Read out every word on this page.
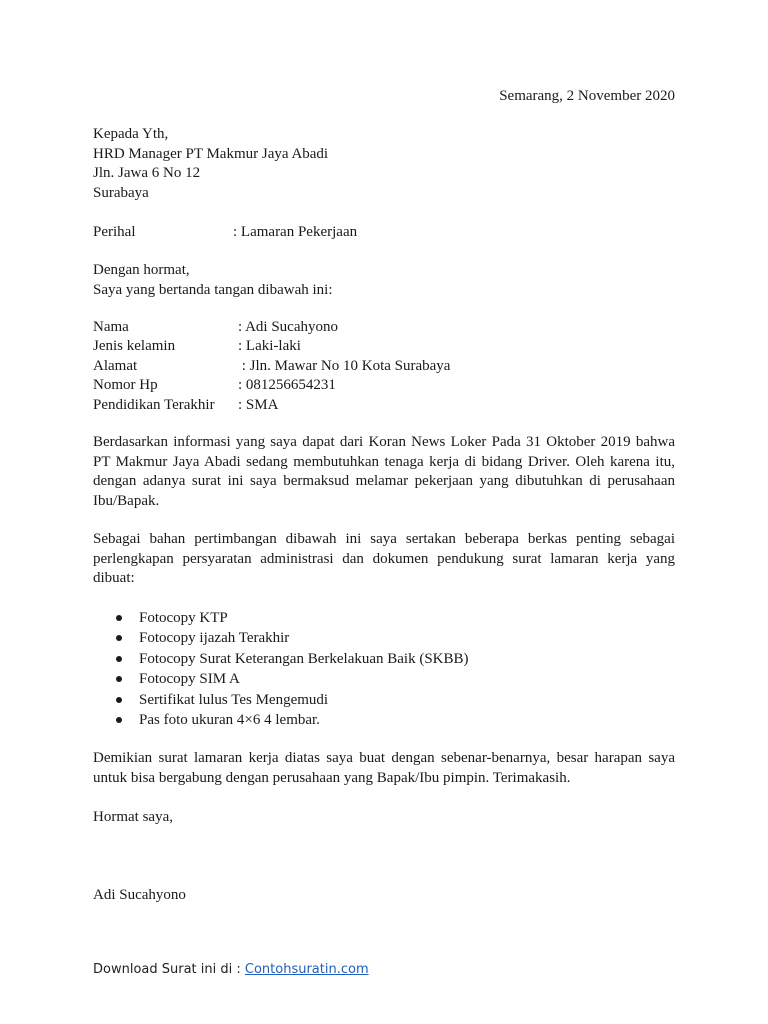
Semarang, 2 November 2020
Kepada Yth,
HRD Manager PT Makmur Jaya Abadi
Jln. Jawa 6 No 12
Surabaya
Perihal	: Lamaran Pekerjaan
Dengan hormat,
Saya yang bertanda tangan dibawah ini:
Nama	: Adi Sucahyono
Jenis kelamin	: Laki-laki
Alamat	: Jln. Mawar No 10 Kota Surabaya
Nomor Hp	: 081256654231
Pendidikan Terakhir : SMA
Berdasarkan informasi yang saya dapat dari Koran News Loker Pada 31 Oktober 2019 bahwa PT Makmur Jaya Abadi sedang membutuhkan tenaga kerja di bidang Driver. Oleh karena itu, dengan adanya surat ini saya bermaksud melamar pekerjaan yang dibutuhkan di perusahaan Ibu/Bapak.
Sebagai bahan pertimbangan dibawah ini saya sertakan beberapa berkas penting sebagai perlengkapan persyaratan administrasi dan dokumen pendukung surat lamaran kerja yang dibuat:
Fotocopy KTP
Fotocopy ijazah Terakhir
Fotocopy Surat Keterangan Berkelakuan Baik (SKBB)
Fotocopy SIM A
Sertifikat lulus Tes Mengemudi
Pas foto ukuran 4×6 4 lembar.
Demikian surat lamaran kerja diatas saya buat dengan sebenar-benarnya, besar harapan saya untuk bisa bergabung dengan perusahaan yang Bapak/Ibu pimpin. Terimakasih.
Hormat saya,
Adi Sucahyono
Download Surat ini di : Contohsuratin.com
